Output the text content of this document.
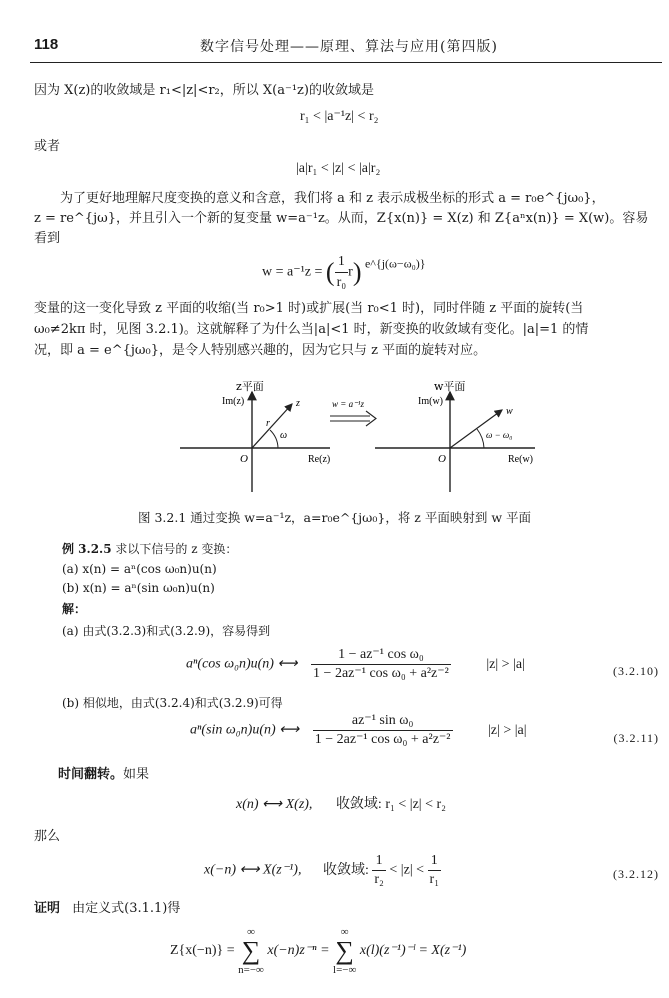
118	数字信号处理——原理、算法与应用(第四版)
因为 X(z)的收敛域是 r₁<|z|<r₂，所以 X(a⁻¹z)的收敛域是
r₁ < |a⁻¹z| < r₂
或者
|a|r₁ < |z| < |a|r₂
为了更好地理解尺度变换的意义和含意，我们将 a 和 z 表示成极坐标的形式 a = r₀e^{jω₀}，
z = re^{jω}，并且引入一个新的复变量 w=a⁻¹z。从而，Z{x(n)} = X(z) 和 Z{aⁿx(n)} = X(w)。容易
看到
w = a⁻¹z = ( $\frac{1}{\text{r₀}} r$) e^{j(ω−ω₀)}
变量的这一变化导致 z 平面的收缩(当 r₀>1 时)或扩展(当 r₀<1 时)，同时伴随 z 平面的旋转(当
ω₀≠2kπ 时，见图 3.2.1)。这就解释了为什么当|a|<1 时，新变换的收敛域有变化。|a|=1 的情
况，即 a = e^{jω₀}，是令人特别感兴趣的，因为它只与 z 平面的旋转对应。
z平面
Im(z)	z
r
ω
O	Re(z)
w = a⁻¹z
w平面
Im(w)
w
ω − ω₀
O	Re(w)
图 3.2.1 通过变换 w=a⁻¹z，a=r₀e^{jω₀}，将 z 平面映射到 w 平面
例 3.2.5 求以下信号的 z 变换：
(a) x(n) = aⁿ(cos ω₀n)u(n)
(b) x(n) = aⁿ(sin ω₀n)u(n)
解：
(a) 由式(3.2.3)和式(3.2.9)，容易得到
aⁿ(cos ω₀n)u(n) ⟷ $\frac{\text{1 − az⁻¹ cos ω₀}}{\text{1 − 2az⁻¹ cos ω₀ + a²z⁻²}}$	|z| > |a|	(3.2.10)
(b) 相似地，由式(3.2.4)和式(3.2.9)可得
aⁿ(sin ω₀n)u(n) ⟷ $\frac{\text{az⁻¹ sin ω₀}}{\text{1 − 2az⁻¹ cos ω₀ + a²z⁻²}}$	|z| > |a|
(3.2.11)
时间翻转。如果
x(n) ⟷ X(z), 收敛域: r₁ < |z| < r₂
那么
x(−n) ⟷ X(z⁻¹), 收敛域: $\frac{1}{\text{r₂}} < |z| < \frac{1}{\text{r₁}}$	(3.2.12)
证明 由定义式(3.1.1)得
Z{x(−n)} = ∞
∑
n=−∞ x(−n)z⁻ⁿ = ∞
∑
l=−∞ x(l)(z⁻¹)⁻ˡ = X(z⁻¹)
